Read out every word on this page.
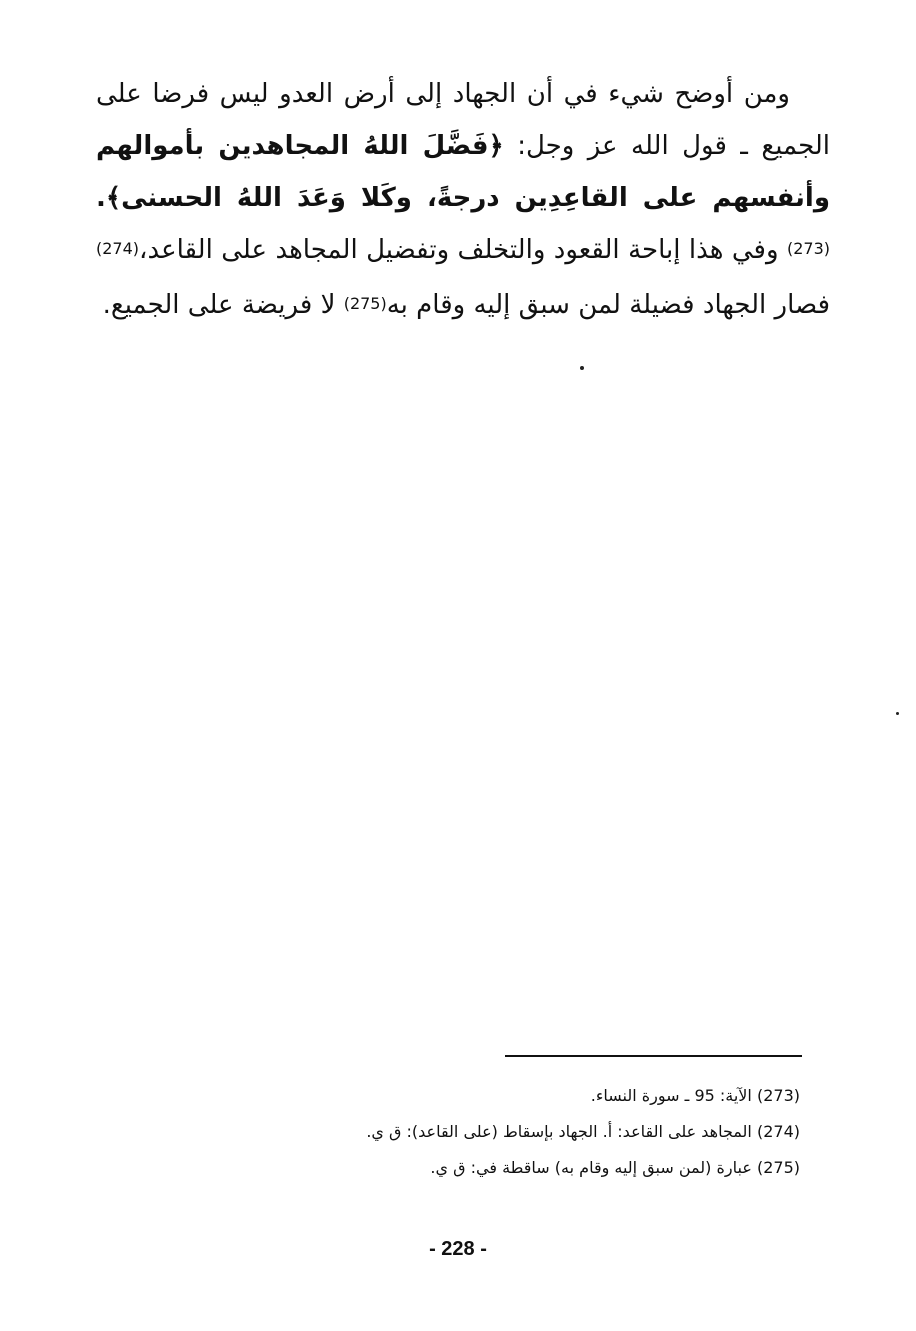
ومن أوضح شيء في أن الجهاد إلى أرض العدو ليس فرضا على الجميع ـ قول الله عز وجل: ﴿فَضَّلَ اللهُ المجاهدين بأموالهم وأنفسهم على القاعِدِين درجةً، وكَلا وَعَدَ اللهُ الحسنى﴾.(273) وفي هذا إباحة القعود والتخلف وتفضيل المجاهد على القاعد،(274) فصار الجهاد فضيلة لمن سبق إليه وقام به(275) لا فريضة على الجميع.

(273) الآية: 95 ـ سورة النساء.

(274) المجاهد على القاعد: أ. الجهاد بإسقاط (على القاعد): ق ي.

(275) عبارة (لمن سبق إليه وقام به) ساقطة في: ق ي.

- 228 -
